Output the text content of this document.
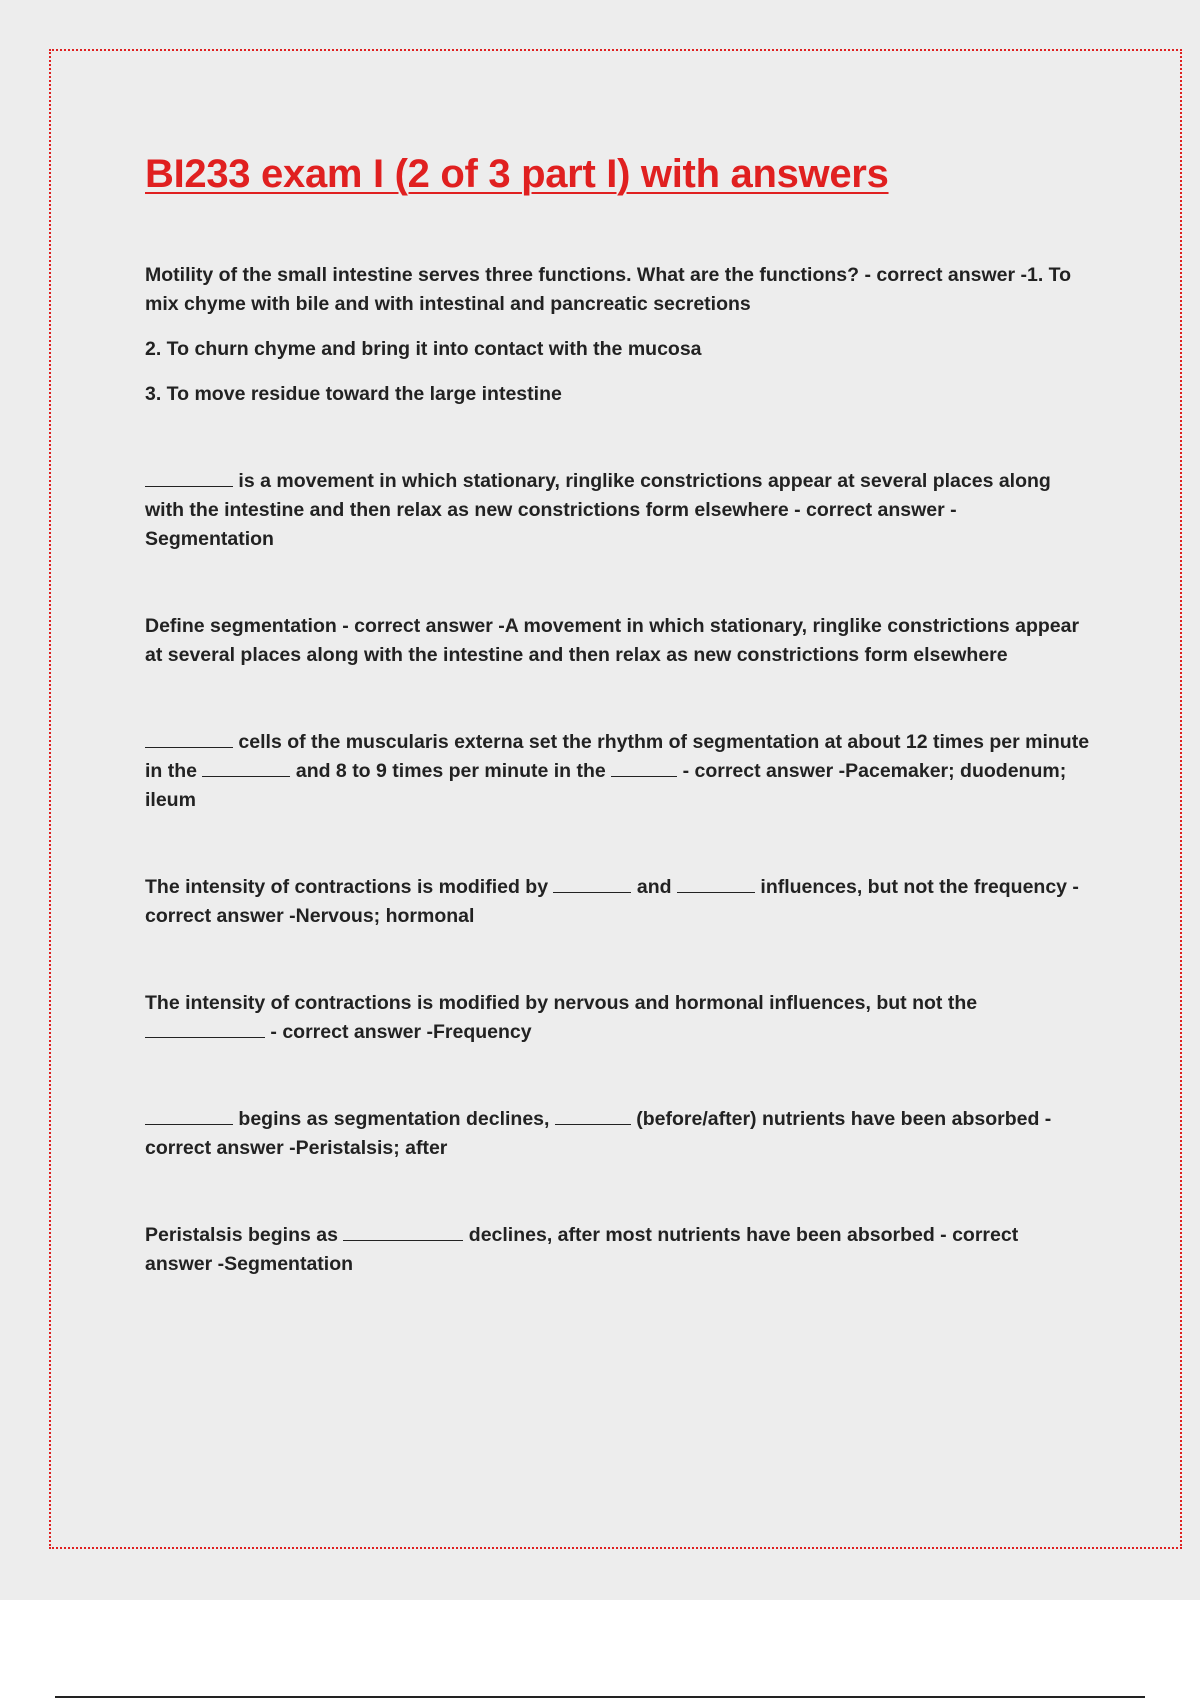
BI233 exam I (2 of 3 part I) with answers

Motility of the small intestine serves three functions. What are the functions? - correct answer -1. To mix chyme with bile and with intestinal and pancreatic secretions

2. To churn chyme and bring it into contact with the mucosa

3. To move residue toward the large intestine

is a movement in which stationary, ringlike constrictions appear at several places along with the intestine and then relax as new constrictions form elsewhere - correct answer - Segmentation

Define segmentation - correct answer -A movement in which stationary, ringlike constrictions appear at several places along with the intestine and then relax as new constrictions form elsewhere

cells of the muscularis externa set the rhythm of segmentation at about 12 times per minute in the	and 8 to 9 times per minute in the	- correct answer -Pacemaker; duodenum; ileum

The intensity of contractions is modified by	and	influences, but not the frequency - correct answer -Nervous; hormonal

The intensity of contractions is modified by nervous and hormonal influences, but not the  - correct answer -Frequency

begins as segmentation declines,	(before/after) nutrients have been absorbed - correct answer -Peristalsis; after

Peristalsis begins as	declines, after most nutrients have been absorbed - correct answer -Segmentation
